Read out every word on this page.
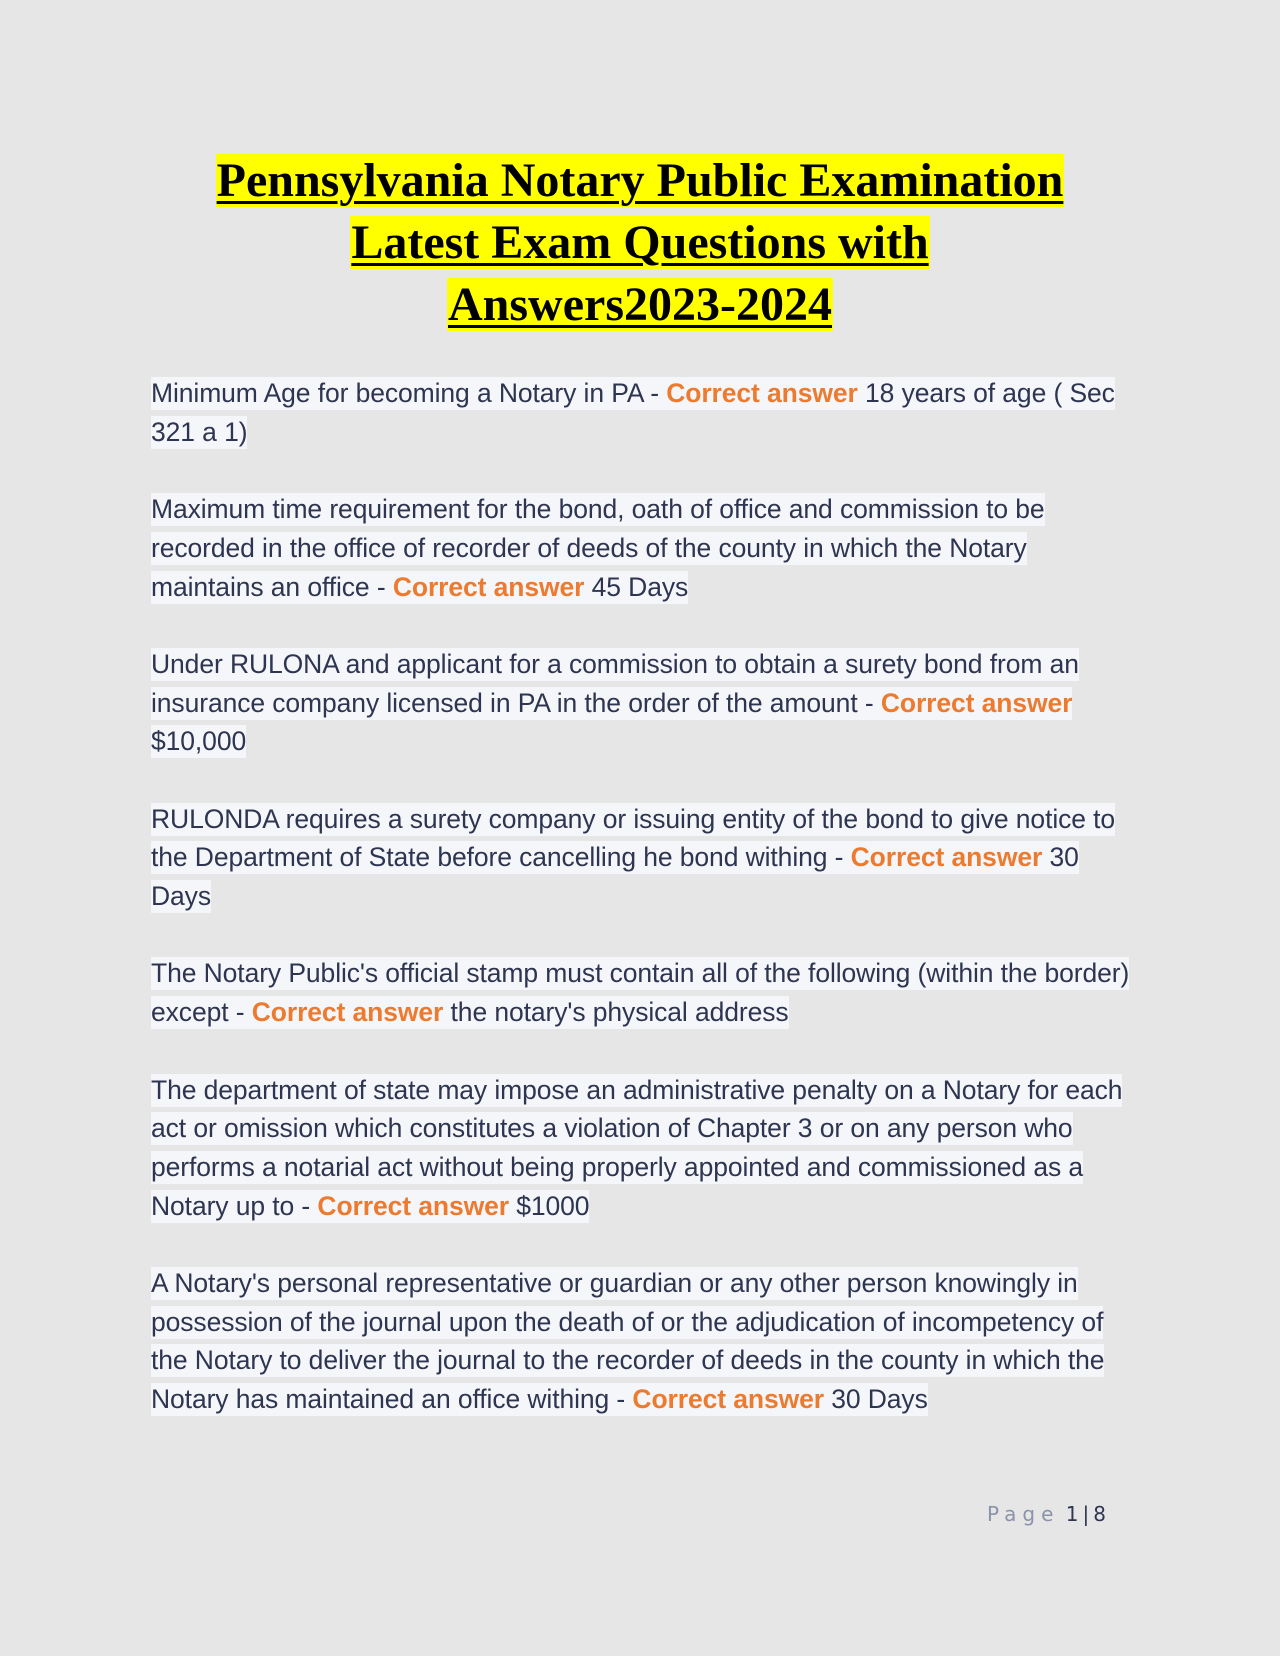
Pennsylvania Notary Public Examination
Latest Exam Questions with
Answers2023-2024

Minimum Age for becoming a Notary in PA - Correct answer 18 years of age ( Sec 321 a 1)

Maximum time requirement for the bond, oath of office and commission to be recorded in the office of recorder of deeds of the county in which the Notary maintains an office - Correct answer 45 Days

Under RULONA and applicant for a commission to obtain a surety bond from an insurance company licensed in PA in the order of the amount - Correct answer $10,000

RULONDA requires a surety company or issuing entity of the bond to give notice to the Department of State before cancelling he bond withing - Correct answer 30 Days

The Notary Public's official stamp must contain all of the following (within the border) except - Correct answer the notary's physical address

The department of state may impose an administrative penalty on a Notary for each act or omission which constitutes a violation of Chapter 3 or on any person who performs a notarial act without being properly appointed and commissioned as a Notary up to - Correct answer $1000

A Notary's personal representative or guardian or any other person knowingly in possession of the journal upon the death of or the adjudication of incompetency of the Notary to deliver the journal to the recorder of deeds in the county in which the Notary has maintained an office withing - Correct answer 30 Days

Page 1 | 8
